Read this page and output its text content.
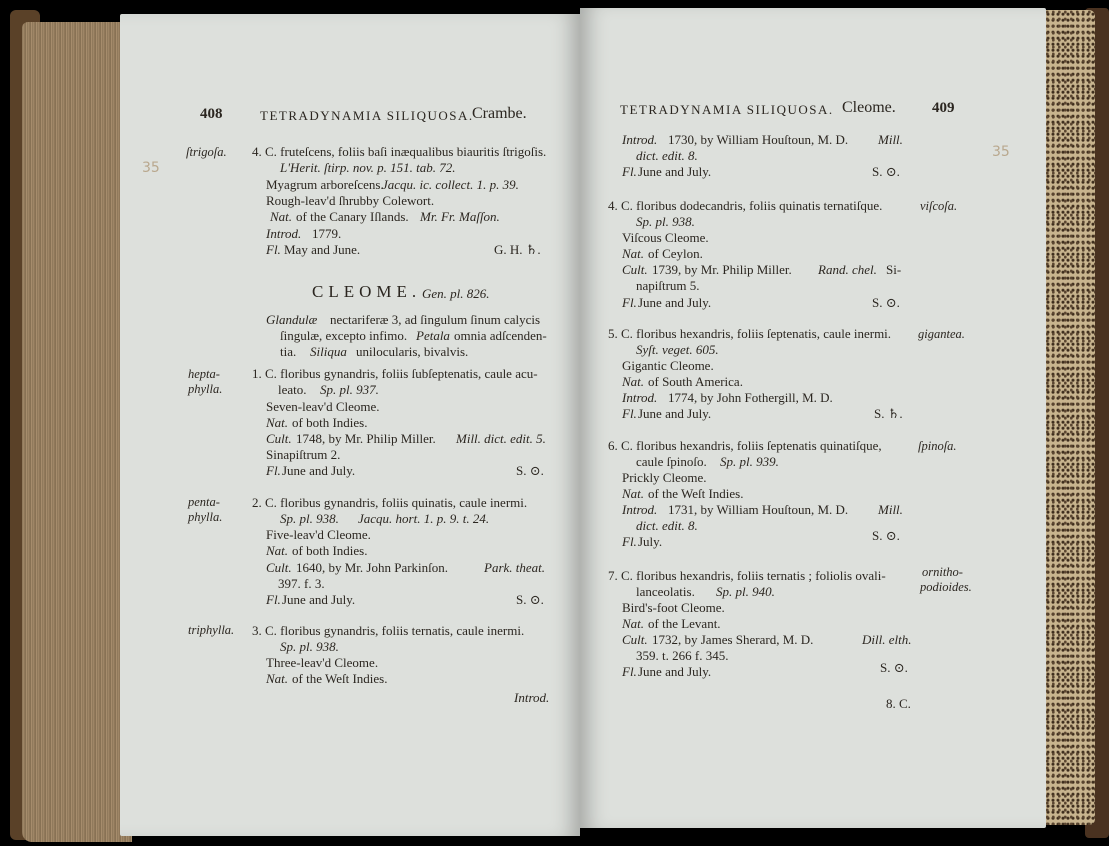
408	TETRADYNAMIA SILIQUOSA.
Crambe.
35
ſtrigoſa. 4. C. fruteſcens, foliis baſi inæqualibus biauritis ſtrigoſis.
L'Herit. ſtirp. nov. p. 151. tab. 72.
Myagrum arboreſcens.
Jacqu. ic. collect. 1. p. 39.
Rough-leav'd ſhrubby Colewort.
Nat. of the Canary Iſlands. Mr. Fr. Maſſon.
Introd. 1779.
Fl. May and June.	G. H. ♄.
CLEOME. Gen. pl. 826.
Glandulæ nectariferæ 3, ad ſingulum ſinum calycis
ſingulæ, excepto infimo. Petala omnia adſcenden-
tia. Siliqua unilocularis, bivalvis.
hepta-
phylla.
1. C. floribus gynandris, foliis ſubſeptenatis, caule acu-
leato. Sp. pl. 937.
Seven-leav'd Cleome.
Nat. of both Indies.
Cult. 1748, by Mr. Philip Miller. Mill. dict. edit. 5.
Sinapiſtrum 2.
Fl. June and July.	S. ⊙.
penta-
phylla.
2. C. floribus gynandris, foliis quinatis, caule inermi.
Sp. pl. 938. Jacqu. hort. 1. p. 9. t. 24.
Five-leav'd Cleome.
Nat. of both Indies.
Cult. 1640, by Mr. John Parkinſon.	Park. theat.
397. f. 3.
Fl. June and July.	S. ⊙.
triphylla. 3. C. floribus gynandris, foliis ternatis, caule inermi.
Sp. pl. 938.
Three-leav'd Cleome.
Nat. of the Weſt Indies.
Introd.
TETRADYNAMIA SILIQUOSA. Cleome. 409
35
Introd. 1730, by William Houſtoun, M. D. Mill.
dict. edit. 8.
Fl. June and July.	S. ⊙.
4. C. floribus dodecandris, foliis quinatis ternatiſque.	viſcoſa.
Sp. pl. 938.
Viſcous Cleome.
Nat. of Ceylon.
Cult. 1739, by Mr. Philip Miller. Rand. chel. Si-
napiſtrum 5.
Fl. June and July.	S. ⊙.
5. C. floribus hexandris, foliis ſeptenatis, caule inermi. gigantea.
Syſt. veget. 605.
Gigantic Cleome.
Nat. of South America.
Introd. 1774, by John Fothergill, M. D.
Fl. June and July.	S. ♄.
6. C. floribus hexandris, foliis ſeptenatis quinatiſque,	ſpinoſa.
caule ſpinoſo. Sp. pl. 939.
Prickly Cleome.
Nat. of the Weſt Indies.
Introd. 1731, by William Houſtoun, M. D. Mill.
dict. edit. 8.
Fl. July.	S. ⊙.
7. C. floribus hexandris, foliis ternatis ; foliolis ovali-	ornitho-
podioides.
lanceolatis. Sp. pl. 940.
Bird's-foot Cleome.
Nat. of the Levant.
Cult. 1732, by James Sherard, M. D.	Dill. elth.
359. t. 266 f. 345.
Fl. June and July.	S. ⊙.
8. C.
